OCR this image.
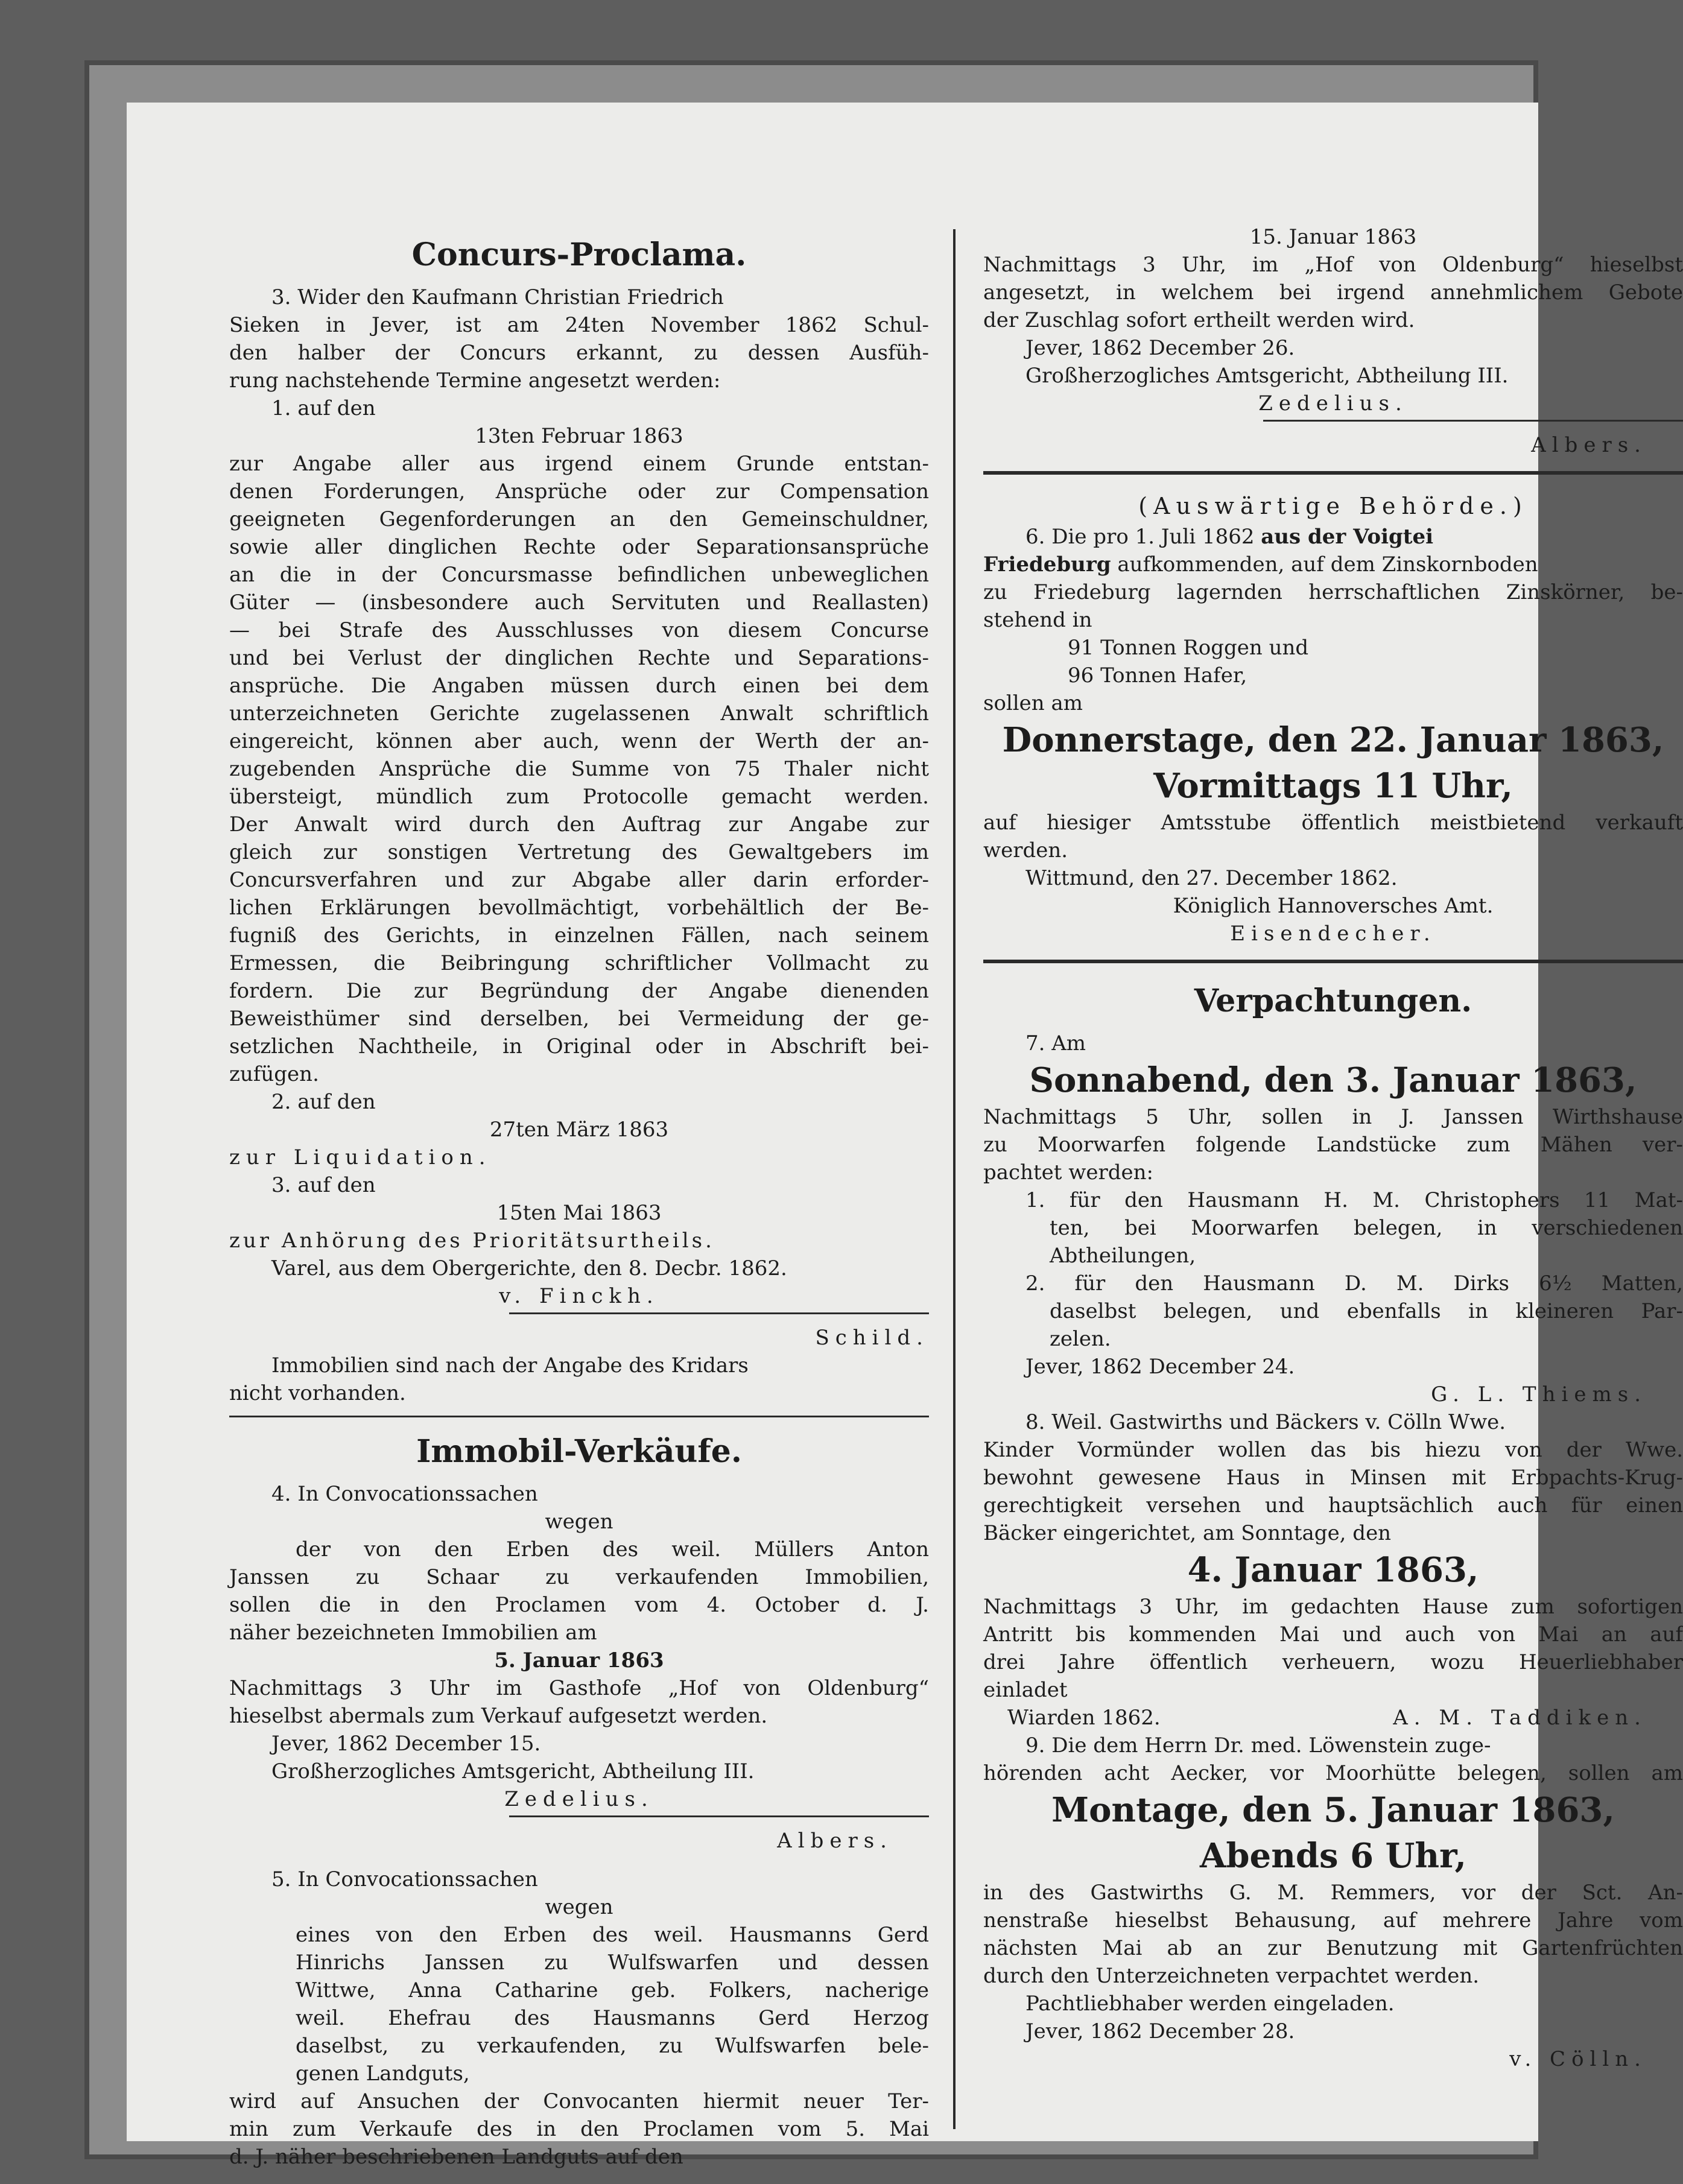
Concurs-Proclama.
3. Wider den Kaufmann Christian Friedrich
Sieken in Jever, ist am 24ten November 1862 Schul-
den halber der Concurs erkannt, zu dessen Ausfüh-
rung nachstehende Termine angesetzt werden:
1. auf den
13ten Februar 1863
zur Angabe aller aus irgend einem Grunde entstan-
denen Forderungen, Ansprüche oder zur Compensation
geeigneten Gegenforderungen an den Gemeinschuldner,
sowie aller dinglichen Rechte oder Separationsansprüche
an die in der Concursmasse befindlichen unbeweglichen
Güter — (insbesondere auch Servituten und Reallasten)
— bei Strafe des Ausschlusses von diesem Concurse
und bei Verlust der dinglichen Rechte und Separations-
ansprüche. Die Angaben müssen durch einen bei dem
unterzeichneten Gerichte zugelassenen Anwalt schriftlich
eingereicht, können aber auch, wenn der Werth der an-
zugebenden Ansprüche die Summe von 75 Thaler nicht
übersteigt, mündlich zum Protocolle gemacht werden.
Der Anwalt wird durch den Auftrag zur Angabe zur
gleich zur sonstigen Vertretung des Gewaltgebers im
Concursverfahren und zur Abgabe aller darin erforder-
lichen Erklärungen bevollmächtigt, vorbehältlich der Be-
fugniß des Gerichts, in einzelnen Fällen, nach seinem
Ermessen, die Beibringung schriftlicher Vollmacht zu
fordern. Die zur Begründung der Angabe dienenden
Beweisthümer sind derselben, bei Vermeidung der ge-
setzlichen Nachtheile, in Original oder in Abschrift bei-
zufügen.
2. auf den
27ten März 1863
zur Liquidation.
3. auf den
15ten Mai 1863
zur Anhörung des Prioritätsurtheils.
Varel, aus dem Obergerichte, den 8. Decbr. 1862.
v. Finckh.
Schild.
Immobilien sind nach der Angabe des Kridars
nicht vorhanden.
Immobil-Verkäufe.
4. In Convocationssachen
wegen
der von den Erben des weil. Müllers Anton
Janssen zu Schaar zu verkaufenden Immobilien,
sollen die in den Proclamen vom 4. October d. J.
näher bezeichneten Immobilien am
5. Januar 1863
Nachmittags 3 Uhr im Gasthofe „Hof von Oldenburg“
hieselbst abermals zum Verkauf aufgesetzt werden.
Jever, 1862 December 15.
Großherzogliches Amtsgericht, Abtheilung III.
Zedelius.
Albers.
5. In Convocationssachen
wegen
eines von den Erben des weil. Hausmanns Gerd
Hinrichs Janssen zu Wulfswarfen und dessen
Wittwe, Anna Catharine geb. Folkers, nacherige
weil. Ehefrau des Hausmanns Gerd Herzog
daselbst, zu verkaufenden, zu Wulfswarfen bele-
genen Landguts,
wird auf Ansuchen der Convocanten hiermit neuer Ter-
min zum Verkaufe des in den Proclamen vom 5. Mai
d. J. näher beschriebenen Landguts auf den
15. Januar 1863
Nachmittags 3 Uhr, im „Hof von Oldenburg“ hieselbst
angesetzt, in welchem bei irgend annehmlichem Gebote
der Zuschlag sofort ertheilt werden wird.
Jever, 1862 December 26.
Großherzogliches Amtsgericht, Abtheilung III.
Zedelius.
Albers.
(Auswärtige Behörde.)
6. Die pro 1. Juli 1862 aus der Voigtei
Friedeburg aufkommenden, auf dem Zinskornboden
zu Friedeburg lagernden herrschaftlichen Zinskörner, be-
stehend in
91 Tonnen Roggen und
96 Tonnen Hafer,
sollen am
Donnerstage, den 22. Januar 1863,
Vormittags 11 Uhr,
auf hiesiger Amtsstube öffentlich meistbietend verkauft
werden.
Wittmund, den 27. December 1862.
Königlich Hannoversches Amt.
Eisendecher.
Verpachtungen.
7. Am
Sonnabend, den 3. Januar 1863,
Nachmittags 5 Uhr, sollen in J. Janssen Wirthshause
zu Moorwarfen folgende Landstücke zum Mähen ver-
pachtet werden:
1. für den Hausmann H. M. Christophers 11 Mat-
ten, bei Moorwarfen belegen, in verschiedenen
Abtheilungen,
2. für den Hausmann D. M. Dirks 6½ Matten,
daselbst belegen, und ebenfalls in kleineren Par-
zelen.
Jever, 1862 December 24.
G. L. Thiems.
8. Weil. Gastwirths und Bäckers v. Cölln Wwe.
Kinder Vormünder wollen das bis hiezu von der Wwe.
bewohnt gewesene Haus in Minsen mit Erbpachts-Krug-
gerechtigkeit versehen und hauptsächlich auch für einen
Bäcker eingerichtet, am Sonntage, den
4. Januar 1863,
Nachmittags 3 Uhr, im gedachten Hause zum sofortigen
Antritt bis kommenden Mai und auch von Mai an auf
drei Jahre öffentlich verheuern, wozu Heuerliebhaber
einladet
Wiarden 1862.	A. M. Taddiken.
9. Die dem Herrn Dr. med. Löwenstein zuge-
hörenden acht Aecker, vor Moorhütte belegen, sollen am
Montage, den 5. Januar 1863,
Abends 6 Uhr,
in des Gastwirths G. M. Remmers, vor der Sct. An-
nenstraße hieselbst Behausung, auf mehrere Jahre vom
nächsten Mai ab an zur Benutzung mit Gartenfrüchten
durch den Unterzeichneten verpachtet werden.
Pachtliebhaber werden eingeladen.
Jever, 1862 December 28.
v. Cölln.
